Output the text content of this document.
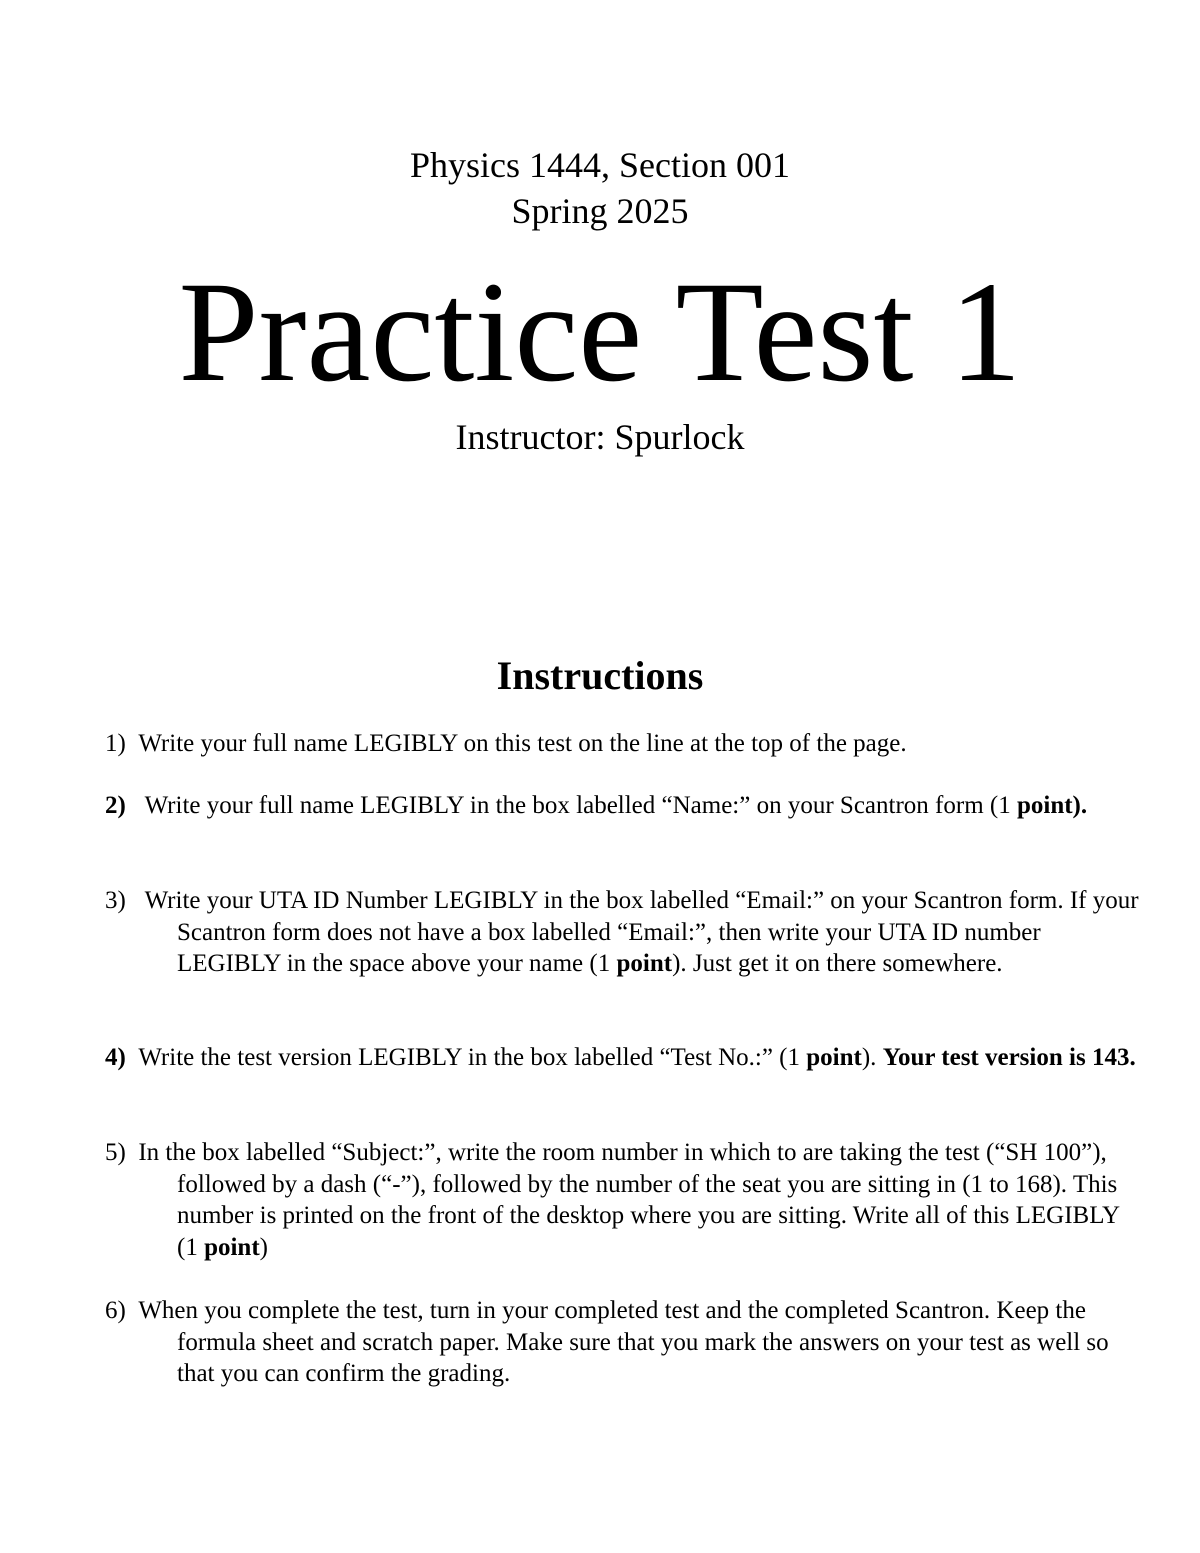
Physics 1444, Section 001
Spring 2025
Practice Test 1
Instructor: Spurlock
Instructions
1) Write your full name LEGIBLY on this test on the line at the top of the page.
2) Write your full name LEGIBLY in the box labelled “Name:” on your Scantron form (1 point).
3) Write your UTA ID Number LEGIBLY in the box labelled “Email:” on your Scantron form. If your Scantron form does not have a box labelled “Email:”, then write your UTA ID number LEGIBLY in the space above your name (1 point). Just get it on there somewhere.
4) Write the test version LEGIBLY in the box labelled “Test No.:” (1 point). Your test version is 143.
5) In the box labelled “Subject:”, write the room number in which to are taking the test (“SH 100”), followed by a dash (“-”), followed by the number of the seat you are sitting in (1 to 168). This number is printed on the front of the desktop where you are sitting. Write all of this LEGIBLY (1 point)
6) When you complete the test, turn in your completed test and the completed Scantron. Keep the formula sheet and scratch paper. Make sure that you mark the answers on your test as well so that you can confirm the grading.
